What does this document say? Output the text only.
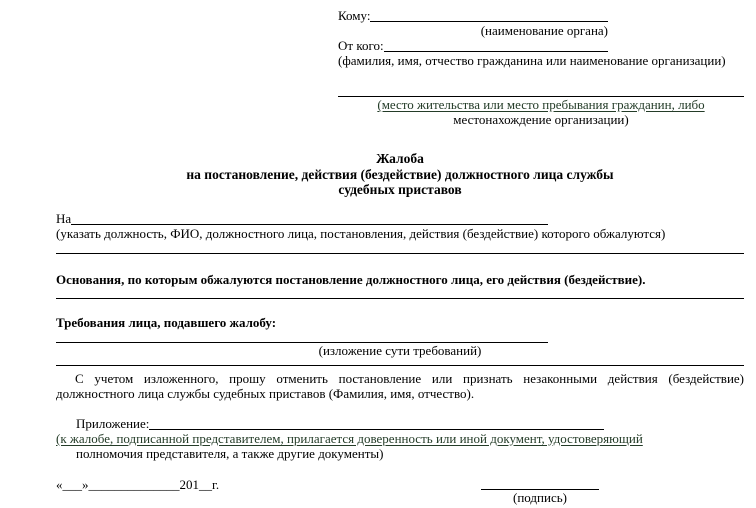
Кому:
(наименование органа)
От кого:
(фамилия, имя, отчество гражданина или наименование организации)
(место жительства или место пребывания гражданин, либо
местонахождение организации)
Жалоба
на постановление, действия (бездействие) должностного лица службы
судебных приставов
На
(указать должность, ФИО, должностного лица, постановления, действия (бездействие) которого обжалуются)
Основания, по которым обжалуются постановление должностного лица, его действия (бездействие).
Требования лица, подавшего жалобу:
(изложение сути требований)

С учетом изложенного, прошу отменить постановление или признать незаконными действия (бездействие) должностного лица службы судебных приставов (Фамилия, имя, отчество).

Приложение:
(к жалобе, подписанной представителем, прилагается доверенность или иной документ, удостоверяющий
полномочия представителя, а также другие документы)
«___»______________201__г.
(подпись)
